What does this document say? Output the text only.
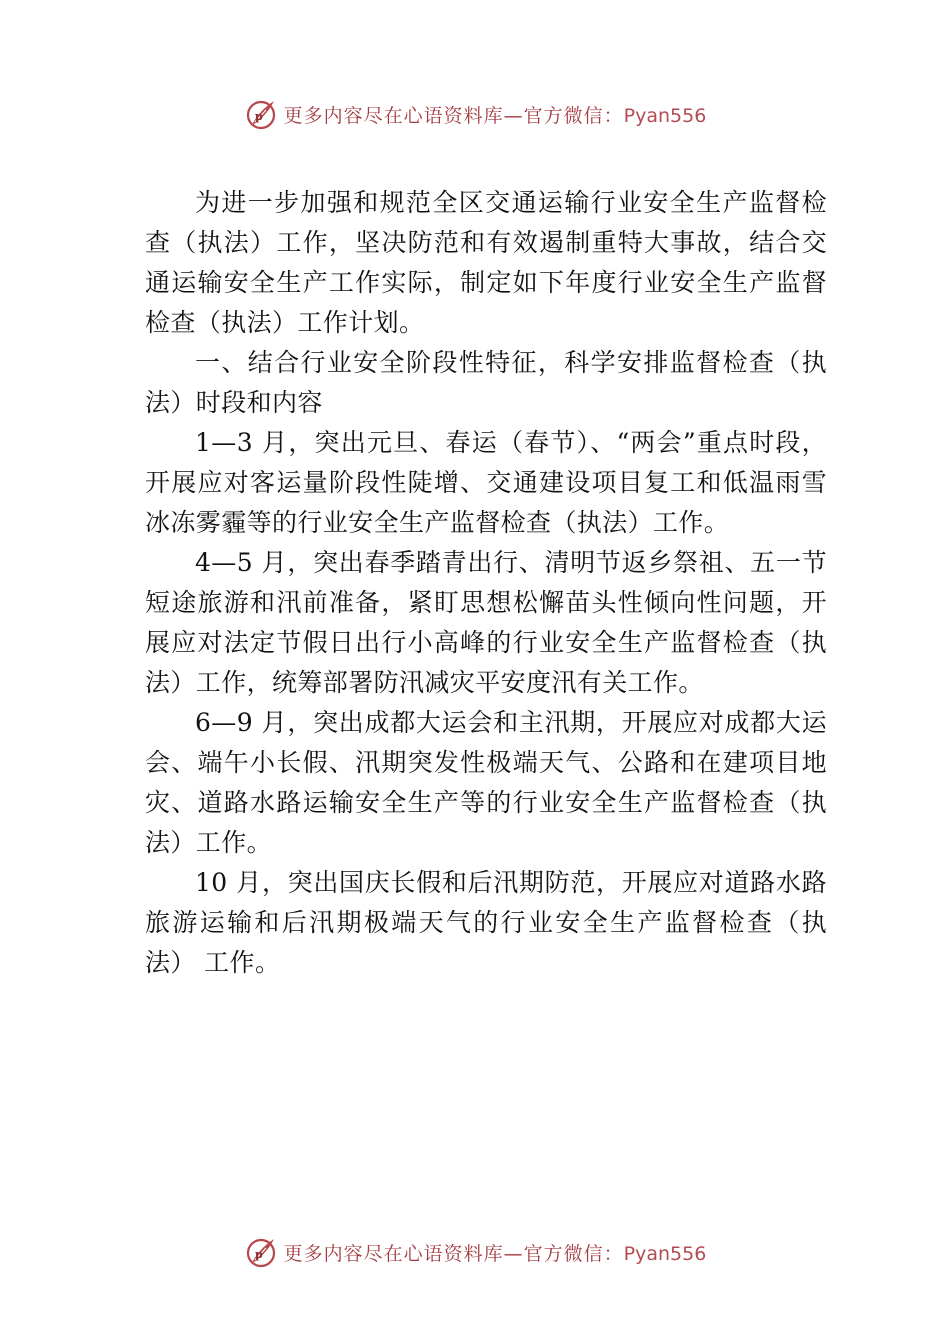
p 更多内容尽在心语资料库—官方微信：Pyan556

为进一步加强和规范全区交通运输行业安全生产监督检查（执法）工作，坚决防范和有效遏制重特大事故，结合交通运输安全生产工作实际，制定如下年度行业安全生产监督检查（执法）工作计划。

一、结合行业安全阶段性特征，科学安排监督检查（执法）时段和内容

1—3 月，突出元旦、春运（春节）、“两会”重点时段， 开展应对客运量阶段性陡增、交通建设项目复工和低温雨雪冰冻雾霾等的行业安全生产监督检查（执法）工作。

4—5 月，突出春季踏青出行、清明节返乡祭祖、五一节短途旅游和汛前准备，紧盯思想松懈苗头性倾向性问题，开展应对法定节假日出行小高峰的行业安全生产监督检查（执法）工作，统筹部署防汛减灾平安度汛有关工作。

6—9 月，突出成都大运会和主汛期，开展应对成都大运会、端午小长假、汛期突发性极端天气、公路和在建项目地灾、道路水路运输安全生产等的行业安全生产监督检查（执法）工作。

10 月，突出国庆长假和后汛期防范，开展应对道路水路旅游运输和后汛期极端天气的行业安全生产监督检查（执法） 工作。

p 更多内容尽在心语资料库—官方微信：Pyan556
